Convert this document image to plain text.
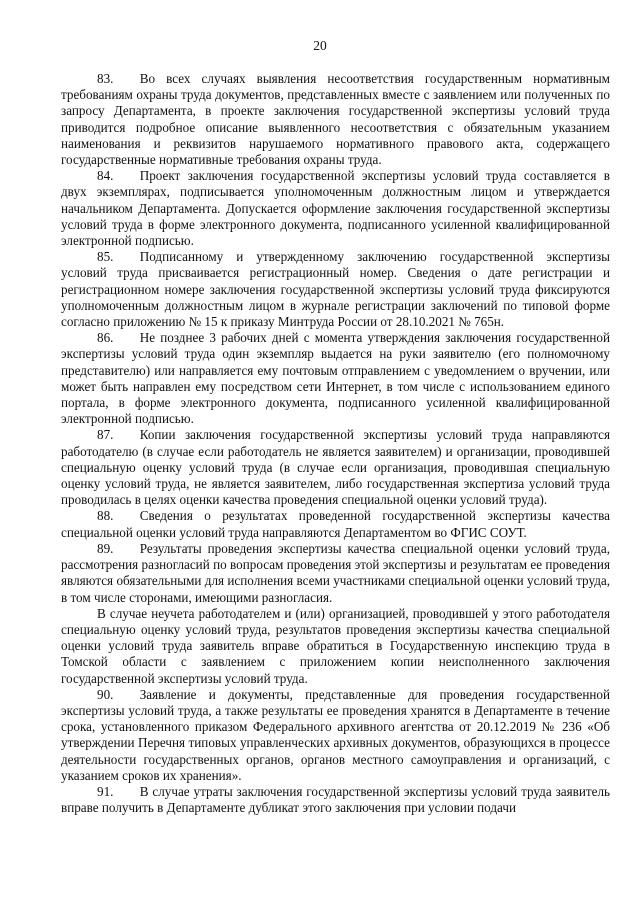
20

83.  Во всех случаях выявления несоответствия государственным нормативным требованиям охраны труда документов, представленных вместе с заявлением или полученных по запросу Департамента, в проекте заключения государственной экспертизы условий труда приводится подробное описание выявленного несоответствия с обязательным указанием наименования и реквизитов нарушаемого нормативного правового акта, содержащего государственные нормативные требования охраны труда.

84.  Проект заключения государственной экспертизы условий труда составляется в двух экземплярах, подписывается уполномоченным должностным лицом и утверждается начальником Департамента. Допускается оформление заключения государственной экспертизы условий труда в форме электронного документа, подписанного усиленной квалифицированной электронной подписью.

85.  Подписанному и утвержденному заключению государственной экспертизы условий труда присваивается регистрационный номер. Сведения о дате регистрации и регистрационном номере заключения государственной экспертизы условий труда фиксируются уполномоченным должностным лицом в журнале регистрации заключений по типовой форме согласно приложению № 15 к приказу Минтруда России от 28.10.2021 № 765н.

86.  Не позднее 3 рабочих дней с момента утверждения заключения государственной экспертизы условий труда один экземпляр выдается на руки заявителю (его полномочному представителю) или направляется ему почтовым отправлением с уведомлением о вручении, или может быть направлен ему посредством сети Интернет, в том числе с использованием единого портала, в форме электронного документа, подписанного усиленной квалифицированной электронной подписью.

87.  Копии заключения государственной экспертизы условий труда направляются работодателю (в случае если работодатель не является заявителем) и организации, проводившей специальную оценку условий труда (в случае если организация, проводившая специальную оценку условий труда, не является заявителем, либо государственная экспертиза условий труда проводилась в целях оценки качества проведения специальной оценки условий труда).

88.  Сведения о результатах проведенной государственной экспертизы качества специальной оценки условий труда направляются Департаментом во ФГИС СОУТ.

89.  Результаты проведения экспертизы качества специальной оценки условий труда, рассмотрения разногласий по вопросам проведения этой экспертизы и результатам ее проведения являются обязательными для исполнения всеми участниками специальной оценки условий труда, в том числе сторонами, имеющими разногласия.

В случае неучета работодателем и (или) организацией, проводившей у этого работодателя специальную оценку условий труда, результатов проведения экспертизы качества специальной оценки условий труда заявитель вправе обратиться в Государственную инспекцию труда в Томской области с заявлением с приложением копии неисполненного заключения государственной экспертизы условий труда.

90.  Заявление и документы, представленные для проведения государственной экспертизы условий труда, а также результаты ее проведения хранятся в Департаменте в течение срока, установленного приказом Федерального архивного агентства от 20.12.2019 № 236 «Об утверждении Перечня типовых управленческих архивных документов, образующихся в процессе деятельности государственных органов, органов местного самоуправления и организаций, с указанием сроков их хранения».

91.  В случае утраты заключения государственной экспертизы условий труда заявитель вправе получить в Департаменте дубликат этого заключения при условии подачи
